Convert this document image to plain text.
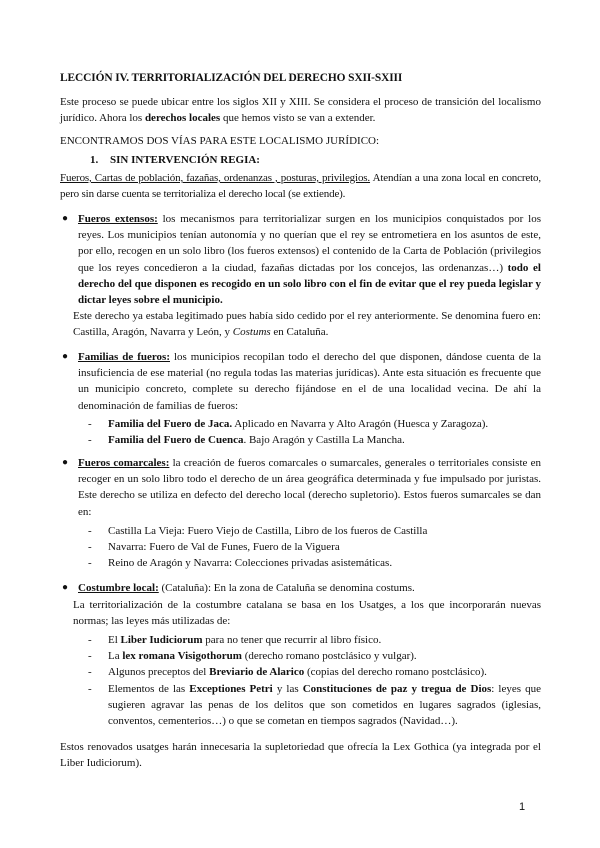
LECCIÓN IV. TERRITORIALIZACIÓN DEL DERECHO SXII-SXIII
Este proceso se puede ubicar entre los siglos XII y XIII. Se considera el proceso de transición del localismo jurídico. Ahora los derechos locales que hemos visto se van a extender.
ENCONTRAMOS DOS VÍAS PARA ESTE LOCALISMO JURÍDICO:
1. SIN INTERVENCIÓN REGIA:
Fueros, Cartas de población, fazañas, ordenanzas , posturas, privilegios. Atendían a una zona local en concreto, pero sin darse cuenta se territorializa el derecho local (se extiende).
● Fueros extensos: los mecanismos para territorializar surgen en los municipios conquistados por los reyes. Los municipios tenían autonomía y no querían que el rey se entrometiera en los asuntos de este, por ello, recogen en un solo libro (los fueros extensos) el contenido de la Carta de Población (privilegios que los reyes concedieron a la ciudad, fazañas dictadas por los concejos, las ordenanzas…) todo el derecho del que disponen es recogido en un solo libro con el fin de evitar que el rey pueda legislar y dictar leyes sobre el municipio.
Este derecho ya estaba legitimado pues había sido cedido por el rey anteriormente. Se denomina fuero en: Castilla, Aragón, Navarra y León, y Costums en Cataluña.
● Familias de fueros: los municipios recopilan todo el derecho del que disponen, dándose cuenta de la insuficiencia de ese material (no regula todas las materias jurídicas). Ante esta situación es frecuente que un municipio concreto, complete su derecho fijándose en el de una localidad vecina. De ahí la denominación de familias de fueros:
- Familia del Fuero de Jaca. Aplicado en Navarra y Alto Aragón (Huesca y Zaragoza).
- Familia del Fuero de Cuenca. Bajo Aragón y Castilla La Mancha.
● Fueros comarcales: la creación de fueros comarcales o sumarcales, generales o territoriales consiste en recoger en un solo libro todo el derecho de un área geográfica determinada y fue impulsado por juristas. Este derecho se utiliza en defecto del derecho local (derecho supletorio). Estos fueros sumarcales se dan en:
- Castilla La Vieja: Fuero Viejo de Castilla, Libro de los fueros de Castilla
- Navarra: Fuero de Val de Funes, Fuero de la Viguera
- Reino de Aragón y Navarra: Colecciones privadas asistemáticas.
● Costumbre local: (Cataluña): En la zona de Cataluña se denomina costums.
La territorialización de la costumbre catalana se basa en los Usatges, a los que incorporarán nuevas normas; las leyes más utilizadas de:
- El Liber Iudiciorum para no tener que recurrir al libro físico.
- La lex romana Visigothorum (derecho romano postclásico y vulgar).
- Algunos preceptos del Breviario de Alarico (copias del derecho romano postclásico).
- Elementos de las Exceptiones Petri y las Constituciones de paz y tregua de Dios: leyes que sugieren agravar las penas de los delitos que son cometidos en lugares sagrados (iglesias, conventos, cementerios…) o que se cometan en tiempos sagrados (Navidad…).
Estos renovados usatges harán innecesaria la supletoriedad que ofrecía la Lex Gothica (ya integrada por el Liber Iudiciorum).
1
